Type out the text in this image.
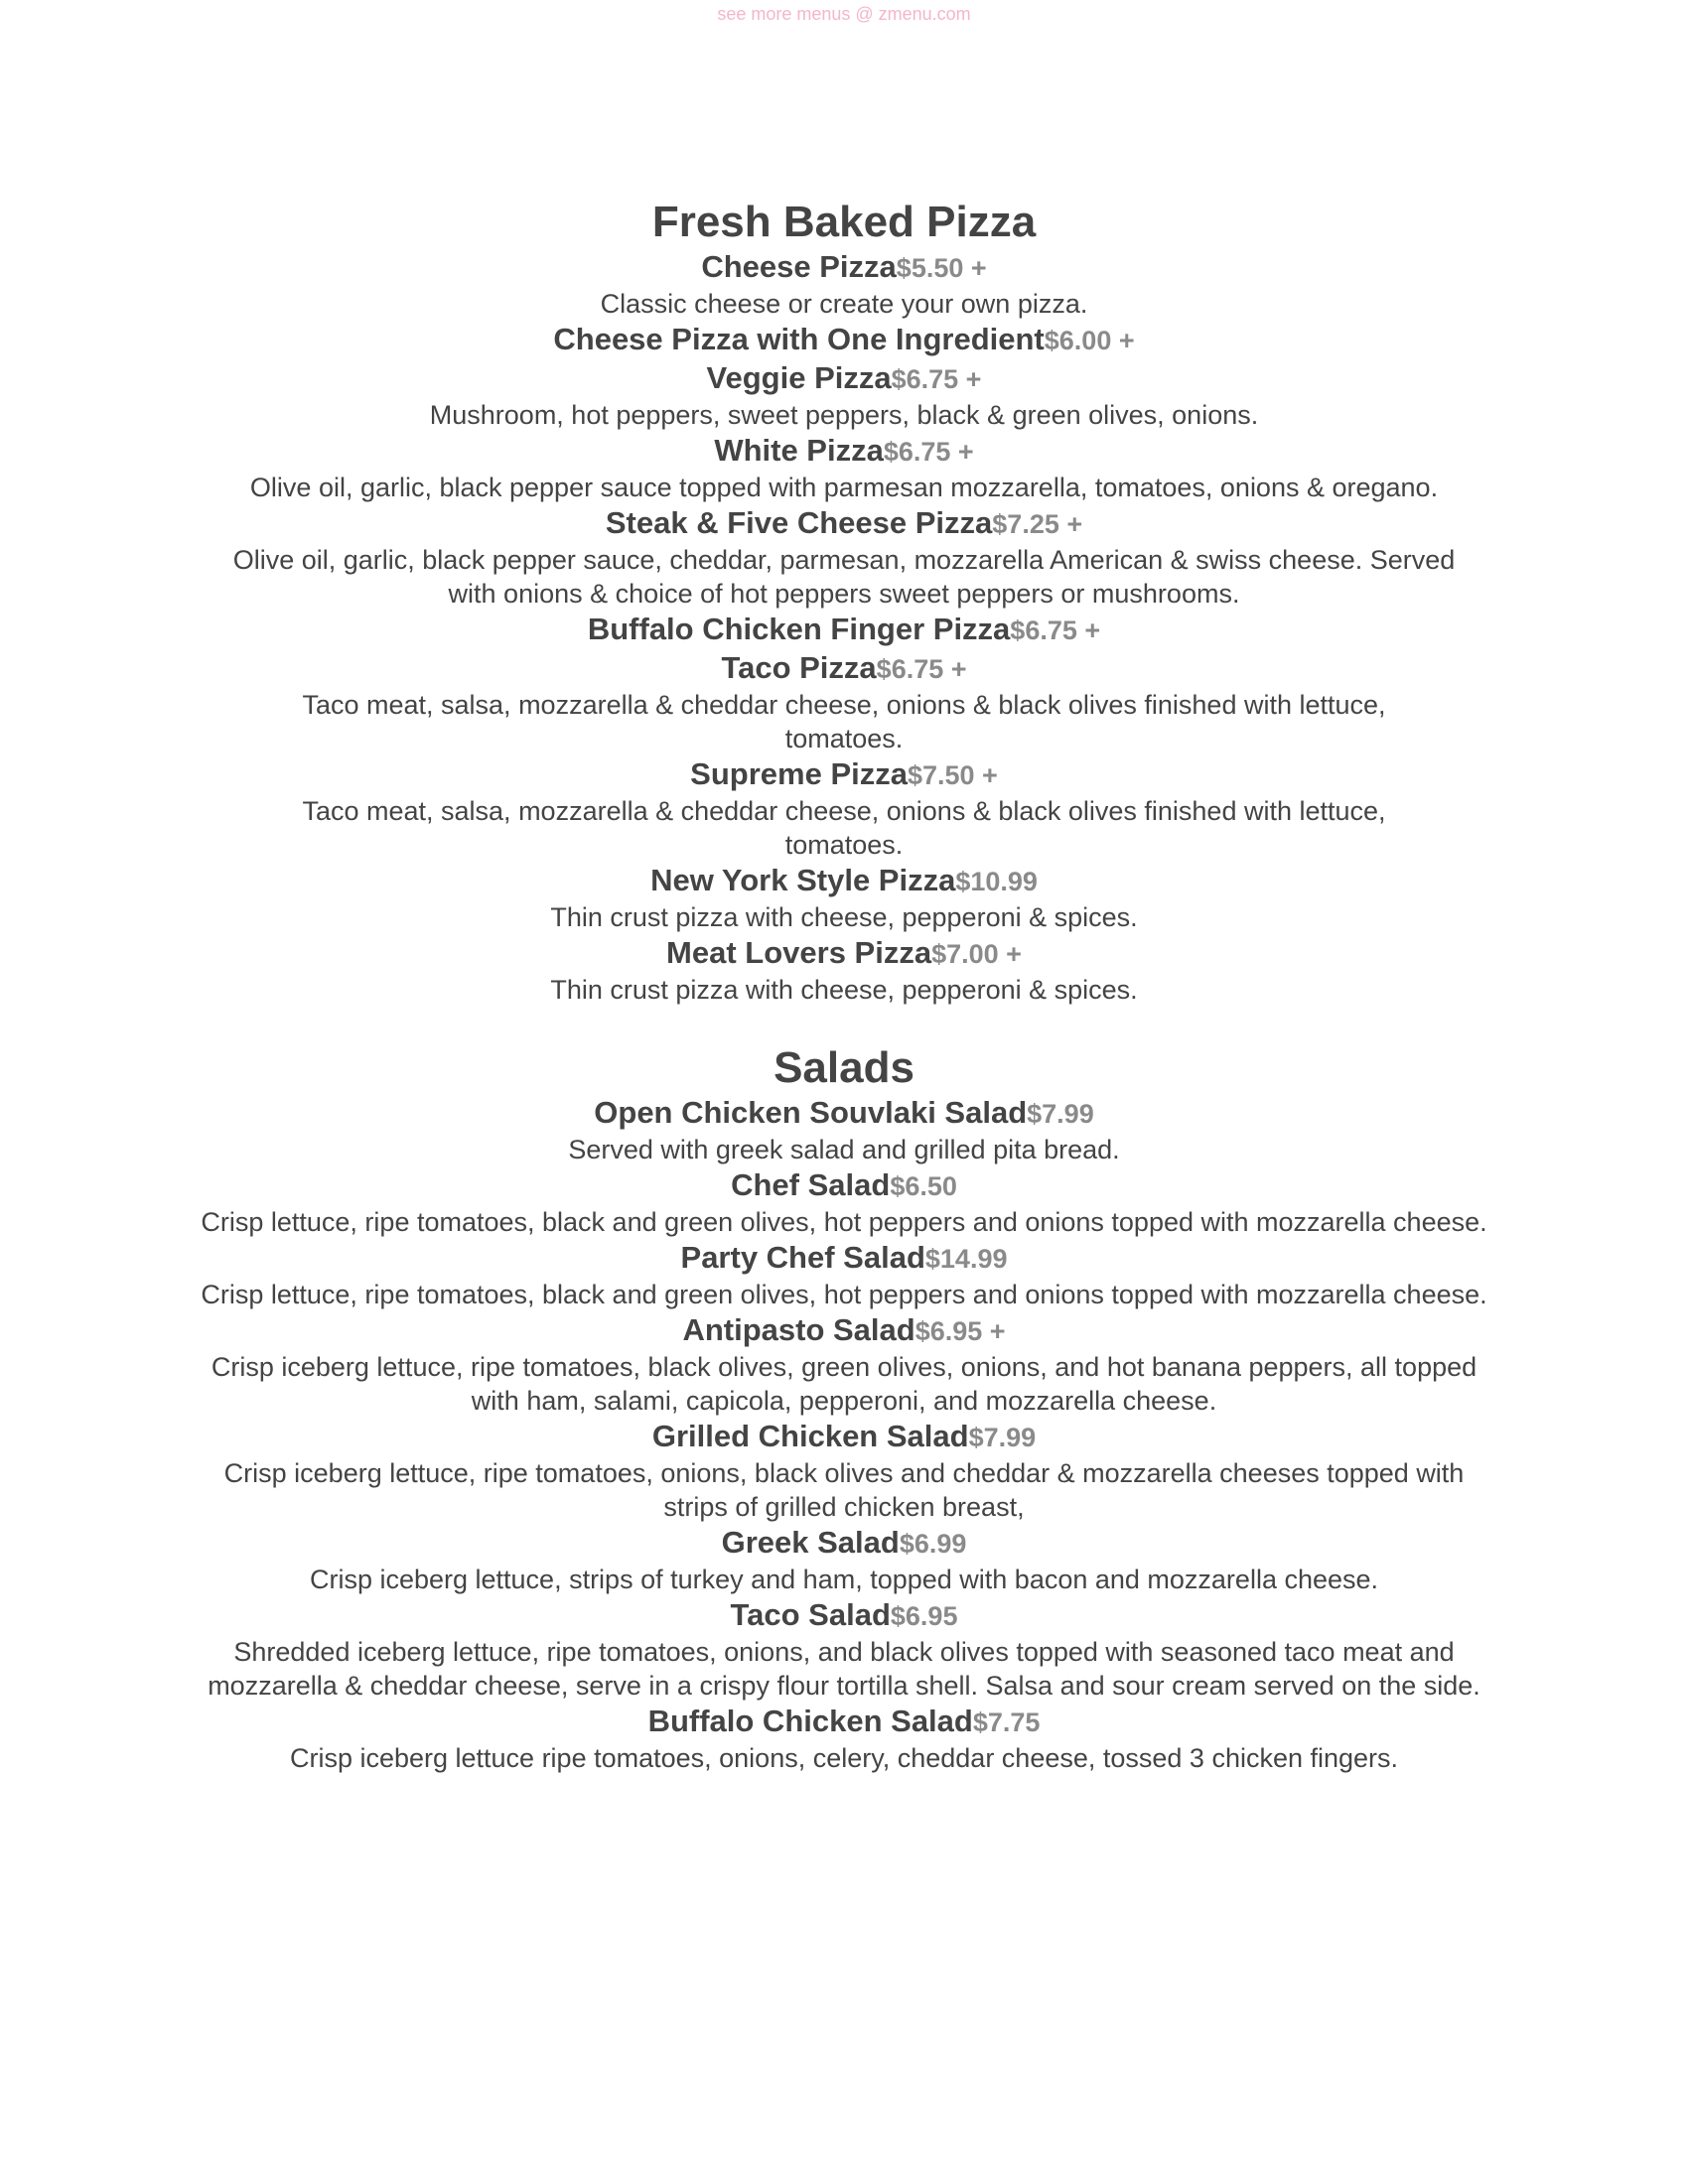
see more menus @ zmenu.com
Fresh Baked Pizza
Cheese Pizza$5.50 +
Classic cheese or create your own pizza.
Cheese Pizza with One Ingredient$6.00 +
Veggie Pizza$6.75 +
Mushroom, hot peppers, sweet peppers, black & green olives, onions.
White Pizza$6.75 +
Olive oil, garlic, black pepper sauce topped with parmesan mozzarella, tomatoes, onions & oregano.
Steak & Five Cheese Pizza$7.25 +
Olive oil, garlic, black pepper sauce, cheddar, parmesan, mozzarella American & swiss cheese. Served with onions & choice of hot peppers sweet peppers or mushrooms.
Buffalo Chicken Finger Pizza$6.75 +
Taco Pizza$6.75 +
Taco meat, salsa, mozzarella & cheddar cheese, onions & black olives finished with lettuce, tomatoes.
Supreme Pizza$7.50 +
Taco meat, salsa, mozzarella & cheddar cheese, onions & black olives finished with lettuce, tomatoes.
New York Style Pizza$10.99
Thin crust pizza with cheese, pepperoni & spices.
Meat Lovers Pizza$7.00 +
Thin crust pizza with cheese, pepperoni & spices.
Salads
Open Chicken Souvlaki Salad$7.99
Served with greek salad and grilled pita bread.
Chef Salad$6.50
Crisp lettuce, ripe tomatoes, black and green olives, hot peppers and onions topped with mozzarella cheese.
Party Chef Salad$14.99
Crisp lettuce, ripe tomatoes, black and green olives, hot peppers and onions topped with mozzarella cheese.
Antipasto Salad$6.95 +
Crisp iceberg lettuce, ripe tomatoes, black olives, green olives, onions, and hot banana peppers, all topped with ham, salami, capicola, pepperoni, and mozzarella cheese.
Grilled Chicken Salad$7.99
Crisp iceberg lettuce, ripe tomatoes, onions, black olives and cheddar & mozzarella cheeses topped with strips of grilled chicken breast,
Greek Salad$6.99
Crisp iceberg lettuce, strips of turkey and ham, topped with bacon and mozzarella cheese.
Taco Salad$6.95
Shredded iceberg lettuce, ripe tomatoes, onions, and black olives topped with seasoned taco meat and mozzarella & cheddar cheese, serve in a crispy flour tortilla shell. Salsa and sour cream served on the side.
Buffalo Chicken Salad$7.75
Crisp iceberg lettuce ripe tomatoes, onions, celery, cheddar cheese, tossed 3 chicken fingers.
